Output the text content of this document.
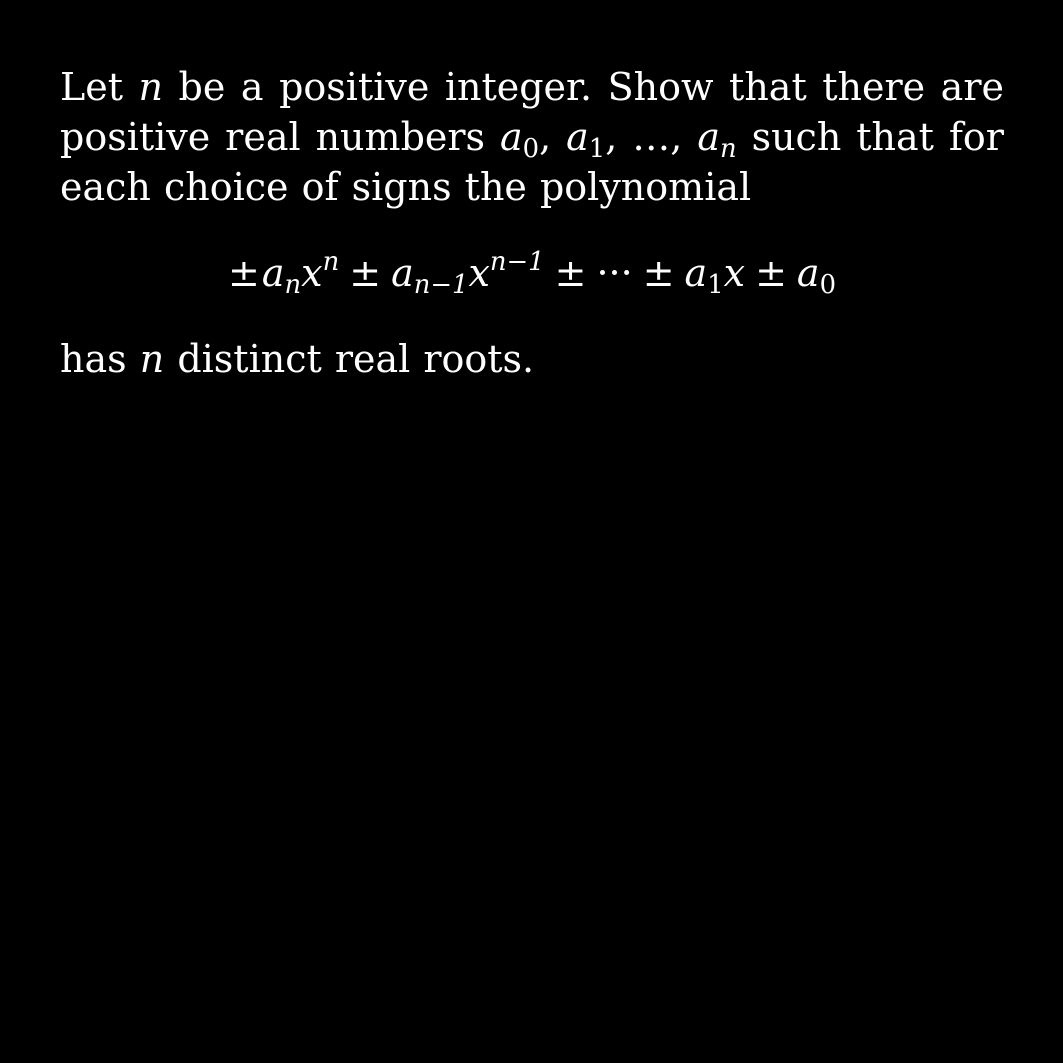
Let n be a positive integer. Show that there are positive real numbers $a_0$, $a_1$, …, $a_n$ such that for each choice of signs the polynomial

$\pm a_nx^n \pm a_{n-1}x^{n-1}$ ± ··· ± $a_1x \pm a_0$

has n distinct real roots.
